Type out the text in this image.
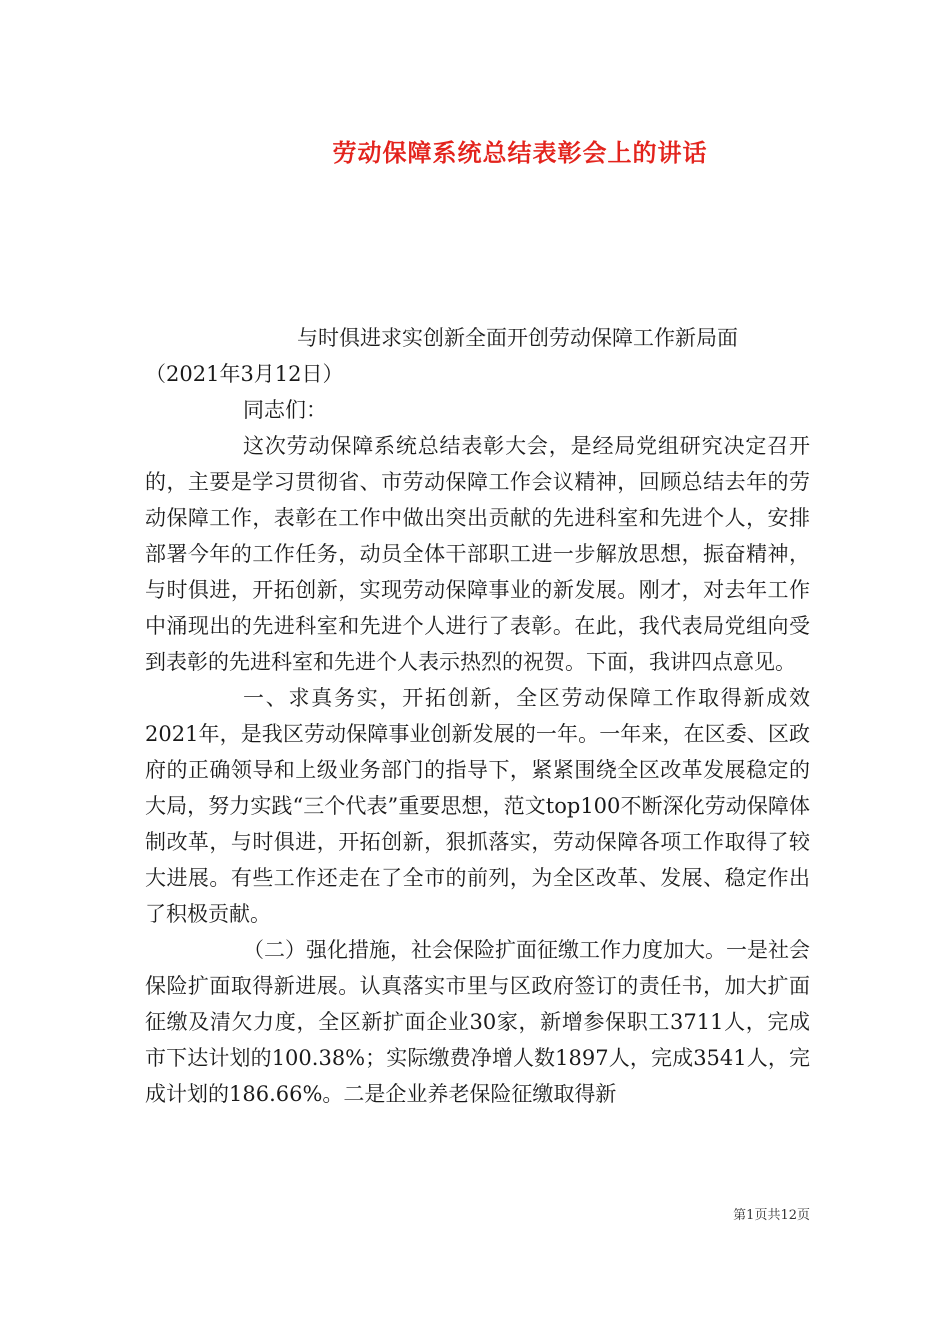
劳动保障系统总结表彰会上的讲话

与时俱进求实创新全面开创劳动保障工作新局面

（2021年3月12日）

同志们：

这次劳动保障系统总结表彰大会，是经局党组研究决定召开的，主要是学习贯彻省、市劳动保障工作会议精神，回顾总结去年的劳动保障工作，表彰在工作中做出突出贡献的先进科室和先进个人，安排部署今年的工作任务，动员全体干部职工进一步解放思想，振奋精神，与时俱进，开拓创新，实现劳动保障事业的新发展。刚才，对去年工作中涌现出的先进科室和先进个人进行了表彰。在此，我代表局党组向受到表彰的先进科室和先进个人表示热烈的祝贺。下面，我讲四点意见。

一、求真务实，开拓创新，全区劳动保障工作取得新成效2021年，是我区劳动保障事业创新发展的一年。一年来，在区委、区政府的正确领导和上级业务部门的指导下，紧紧围绕全区改革发展稳定的大局，努力实践“三个代表”重要思想，范文top100不断深化劳动保障体制改革，与时俱进，开拓创新，狠抓落实，劳动保障各项工作取得了较大进展。有些工作还走在了全市的前列，为全区改革、发展、稳定作出了积极贡献。

（二）强化措施，社会保险扩面征缴工作力度加大。一是社会保险扩面取得新进展。认真落实市里与区政府签订的责任书，加大扩面征缴及清欠力度，全区新扩面企业30家，新增参保职工3711人，完成市下达计划的100.38%；实际缴费净增人数1897人，完成3541人，完成计划的186.66%。二是企业养老保险征缴取得新

第1页共12页
